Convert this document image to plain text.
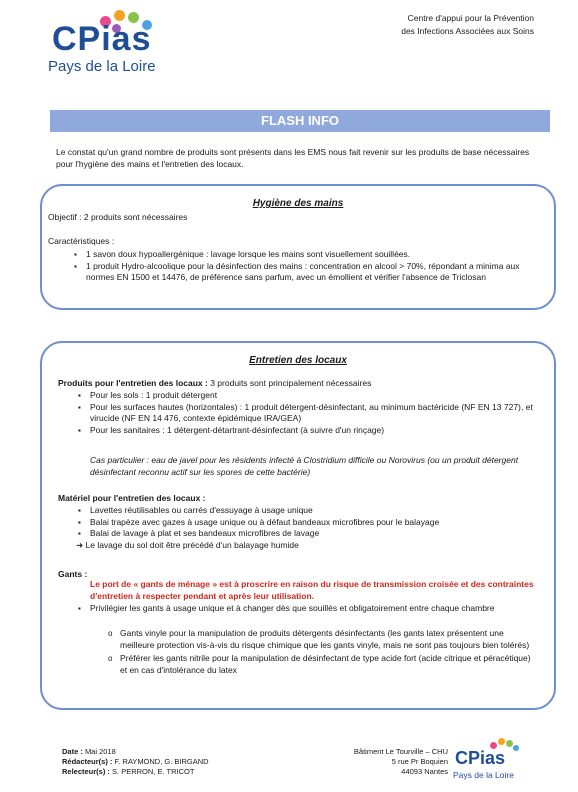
CPias
Pays de la Loire
Centre d'appui pour la Prévention
des Infections Associées aux Soins
FLASH INFO
Le constat qu'un grand nombre de produits sont présents dans les EMS nous fait revenir sur les produits de base nécessaires pour l'hygiène des mains et l'entretien des locaux.
Hygiène des mains
Objectif : 2 produits sont nécessaires
Caractéristiques :
▪ 1 savon doux hypoallergénique : lavage lorsque les mains sont visuellement souillées.
▪ 1 produit Hydro-alcoolique pour la désinfection des mains : concentration en alcool > 70%, répondant a minima aux normes EN 1500 et 14476, de préférence sans parfum, avec un émollient et vérifier l'absence de Triclosan
Entretien des locaux
Produits pour l'entretien des locaux : 3 produits sont principalement nécessaires
▪ Pour les sols : 1 produit détergent
▪ Pour les surfaces hautes (horizontales) : 1 produit détergent-désinfectant, au minimum bactéricide (NF EN 13 727), et virucide (NF EN 14 476, contexte épidémique IRA/GEA)
▪ Pour les sanitaires : 1 détergent-détartrant-désinfectant (à suivre d'un rinçage)
Cas particulier : eau de javel pour les résidents infecté à Clostridium difficile ou Norovirus (ou un produit détergent désinfectant reconnu actif sur les spores de cette bactérie)
Matériel pour l'entretien des locaux :
▪ Lavettes réutilisables ou carrés d'essuyage à usage unique
▪ Balai trapèze avec gazes à usage unique ou à défaut bandeaux microfibres pour le balayage
▪ Balai de lavage à plat et ses bandeaux microfibres de lavage
➜ Le lavage du sol doit être précédé d'un balayage humide
Gants :
Le port de « gants de ménage » est à proscrire en raison du risque de transmission croisée et des contraintes d'entretien à respecter pendant et après leur utilisation.
▪ Privilégier les gants à usage unique et à changer dès que souillés et obligatoirement entre chaque chambre
o Gants vinyle pour la manipulation de produits détergents désinfectants (les gants latex présentent une meilleure protection vis-à-vis du risque chimique que les gants vinyle, mais ne sont pas toujours bien tolérés)
o Préférer les gants nitrile pour la manipulation de désinfectant de type acide fort (acide citrique et péracétique) et en cas d'intolérance du latex
Date : Mai 2018
Rédacteur(s) : F. RAYMOND, G. BIRGAND
Relecteur(s) : S. PERRON, E. TRICOT
Bâtiment Le Tourville – CHU
5 rue Pr Boquien
44093 Nantes
CPias
Pays de la Loire
